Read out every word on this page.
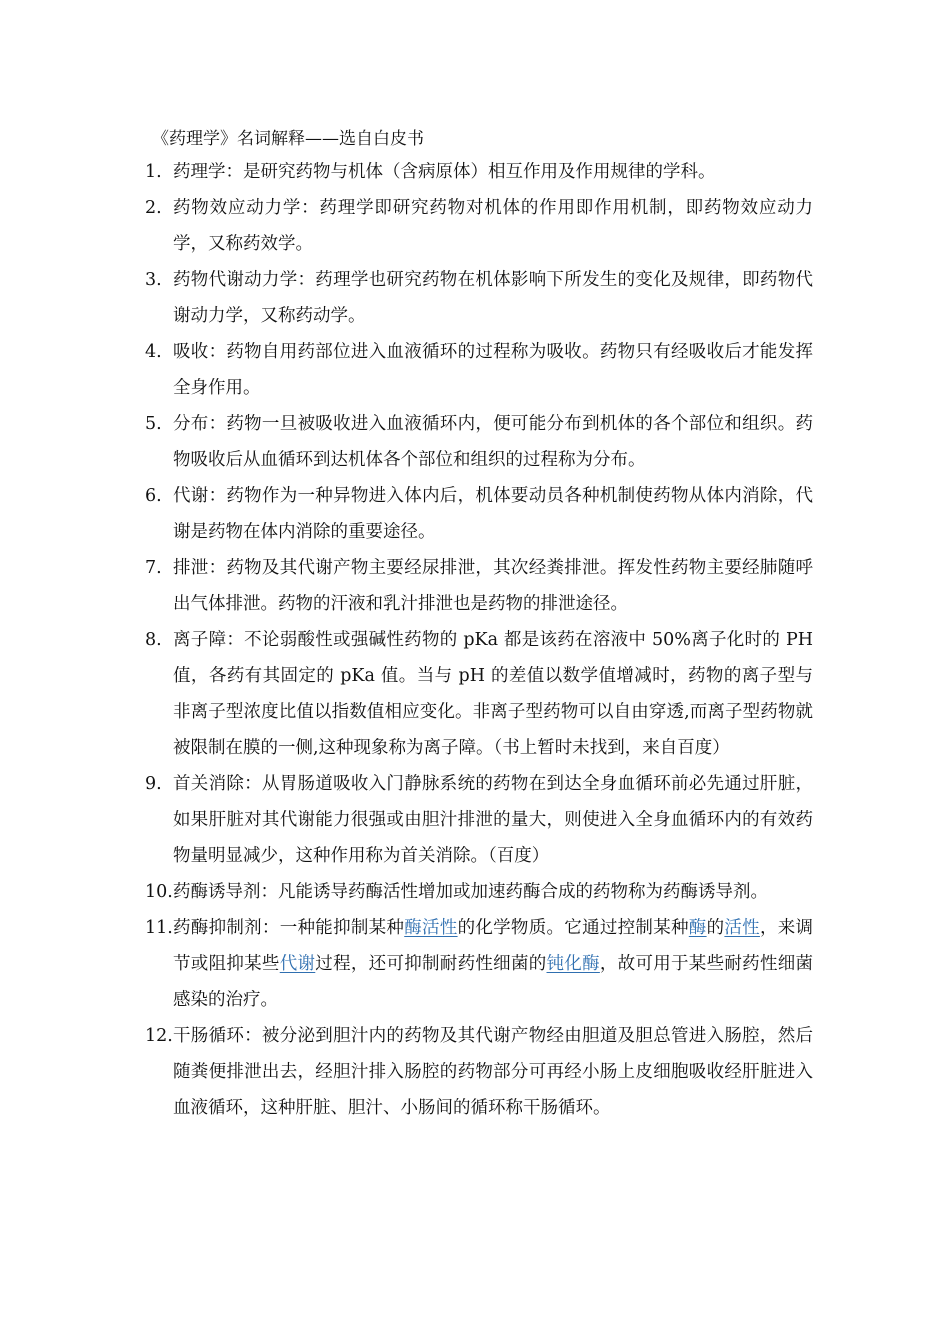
《药理学》名词解释——选自白皮书
1. 药理学：是研究药物与机体（含病原体）相互作用及作用规律的学科。
2. 药物效应动力学：药理学即研究药物对机体的作用即作用机制，即药物效应动力学，又称药效学。
3. 药物代谢动力学：药理学也研究药物在机体影响下所发生的变化及规律，即药物代谢动力学，又称药动学。
4. 吸收：药物自用药部位进入血液循环的过程称为吸收。药物只有经吸收后才能发挥全身作用。
5. 分布：药物一旦被吸收进入血液循环内，便可能分布到机体的各个部位和组织。药物吸收后从血循环到达机体各个部位和组织的过程称为分布。
6. 代谢：药物作为一种异物进入体内后，机体要动员各种机制使药物从体内消除，代谢是药物在体内消除的重要途径。
7. 排泄：药物及其代谢产物主要经尿排泄，其次经粪排泄。挥发性药物主要经肺随呼出气体排泄。药物的汗液和乳汁排泄也是药物的排泄途径。
8. 离子障：不论弱酸性或强碱性药物的 pKa 都是该药在溶液中 50%离子化时的 PH 值，各药有其固定的 pKa 值。当与 pH 的差值以数学值增减时，药物的离子型与非离子型浓度比值以指数值相应变化。非离子型药物可以自由穿透,而离子型药物就被限制在膜的一侧,这种现象称为离子障。（书上暂时未找到，来自百度）
9. 首关消除：从胃肠道吸收入门静脉系统的药物在到达全身血循环前必先通过肝脏，如果肝脏对其代谢能力很强或由胆汁排泄的量大，则使进入全身血循环内的有效药物量明显减少，这种作用称为首关消除。（百度）
10. 药酶诱导剂：凡能诱导药酶活性增加或加速药酶合成的药物称为药酶诱导剂。
11. 药酶抑制剂：一种能抑制某种酶活性的化学物质。它通过控制某种酶的活性，来调节或阻抑某些代谢过程，还可抑制耐药性细菌的钝化酶，故可用于某些耐药性细菌感染的治疗。
12. 干肠循环：被分泌到胆汁内的药物及其代谢产物经由胆道及胆总管进入肠腔，然后随粪便排泄出去，经胆汁排入肠腔的药物部分可再经小肠上皮细胞吸收经肝脏进入血液循环，这种肝脏、胆汁、小肠间的循环称干肠循环。
